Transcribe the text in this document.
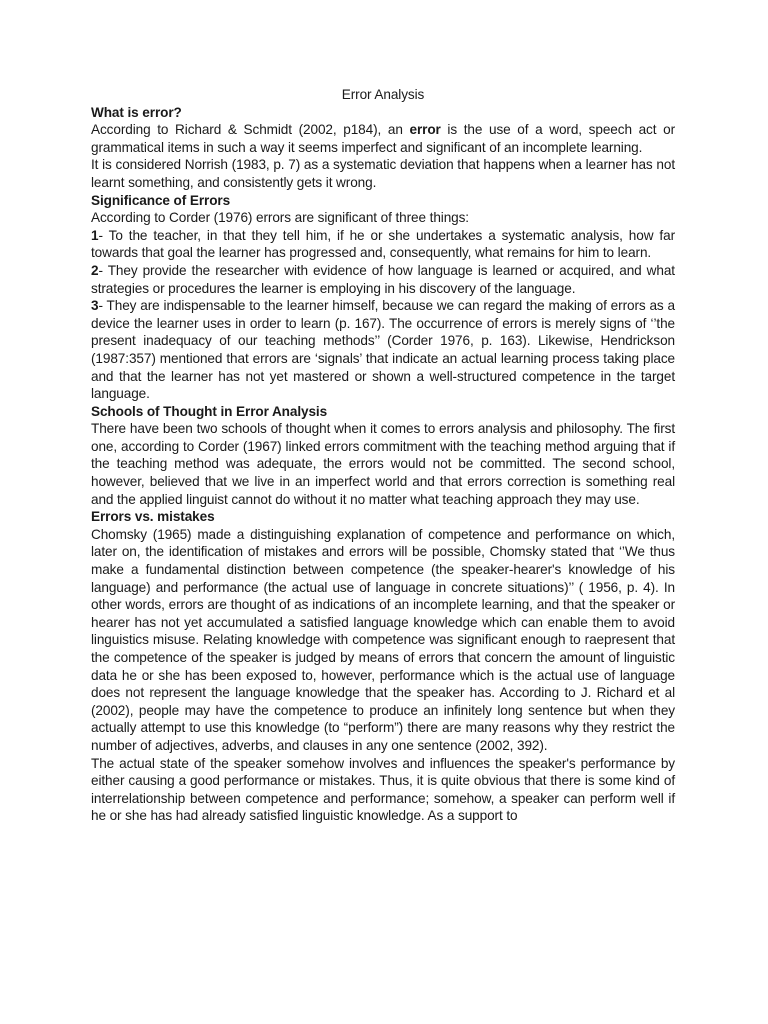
Error Analysis
What is error?

According to Richard & Schmidt (2002, p184), an error is the use of a word, speech act or grammatical items in such a way it seems imperfect and significant of an incomplete learning.

It is considered Norrish (1983, p. 7) as a systematic deviation that happens when a learner has not learnt something, and consistently gets it wrong.

Significance of Errors

According to Corder (1976) errors are significant of three things:

1- To the teacher, in that they tell him, if he or she undertakes a systematic analysis, how far towards that goal the learner has progressed and, consequently, what remains for him to learn.

2- They provide the researcher with evidence of how language is learned or acquired, and what strategies or procedures the learner is employing in his discovery of the language.

3- They are indispensable to the learner himself, because we can regard the making of errors as a device the learner uses in order to learn (p. 167). The occurrence of errors is merely signs of ‘’the present inadequacy of our teaching methods’’ (Corder 1976, p. 163). Likewise, Hendrickson (1987:357) mentioned that errors are ‘signals’ that indicate an actual learning process taking place and that the learner has not yet mastered or shown a well-structured competence in the target language.

Schools of Thought in Error Analysis

There have been two schools of thought when it comes to errors analysis and philosophy. The first one, according to Corder (1967) linked errors commitment with the teaching method arguing that if the teaching method was adequate, the errors would not be committed. The second school, however, believed that we live in an imperfect world and that errors correction is something real and the applied linguist cannot do without it no matter what teaching approach they may use.

Errors vs. mistakes

Chomsky (1965) made a distinguishing explanation of competence and performance on which, later on, the identification of mistakes and errors will be possible, Chomsky stated that ‘’We thus make a fundamental distinction between competence (the speaker-hearer's knowledge of his language) and performance (the actual use of language in concrete situations)’’ ( 1956, p. 4). In other words, errors are thought of as indications of an incomplete learning, and that the speaker or hearer has not yet accumulated a satisfied language knowledge which can enable them to avoid linguistics misuse. Relating knowledge with competence was significant enough to raepresent that the competence of the speaker is judged by means of errors that concern the amount of linguistic data he or she has been exposed to, however, performance which is the actual use of language does not represent the language knowledge that the speaker has. According to J. Richard et al (2002), people may have the competence to produce an infinitely long sentence but when they actually attempt to use this knowledge (to “perform”) there are many reasons why they restrict the number of adjectives, adverbs, and clauses in any one sentence (2002, 392).

The actual state of the speaker somehow involves and influences the speaker's performance by either causing a good performance or mistakes. Thus, it is quite obvious that there is some kind of interrelationship between competence and performance; somehow, a speaker can perform well if he or she has had already satisfied linguistic knowledge. As a support to
